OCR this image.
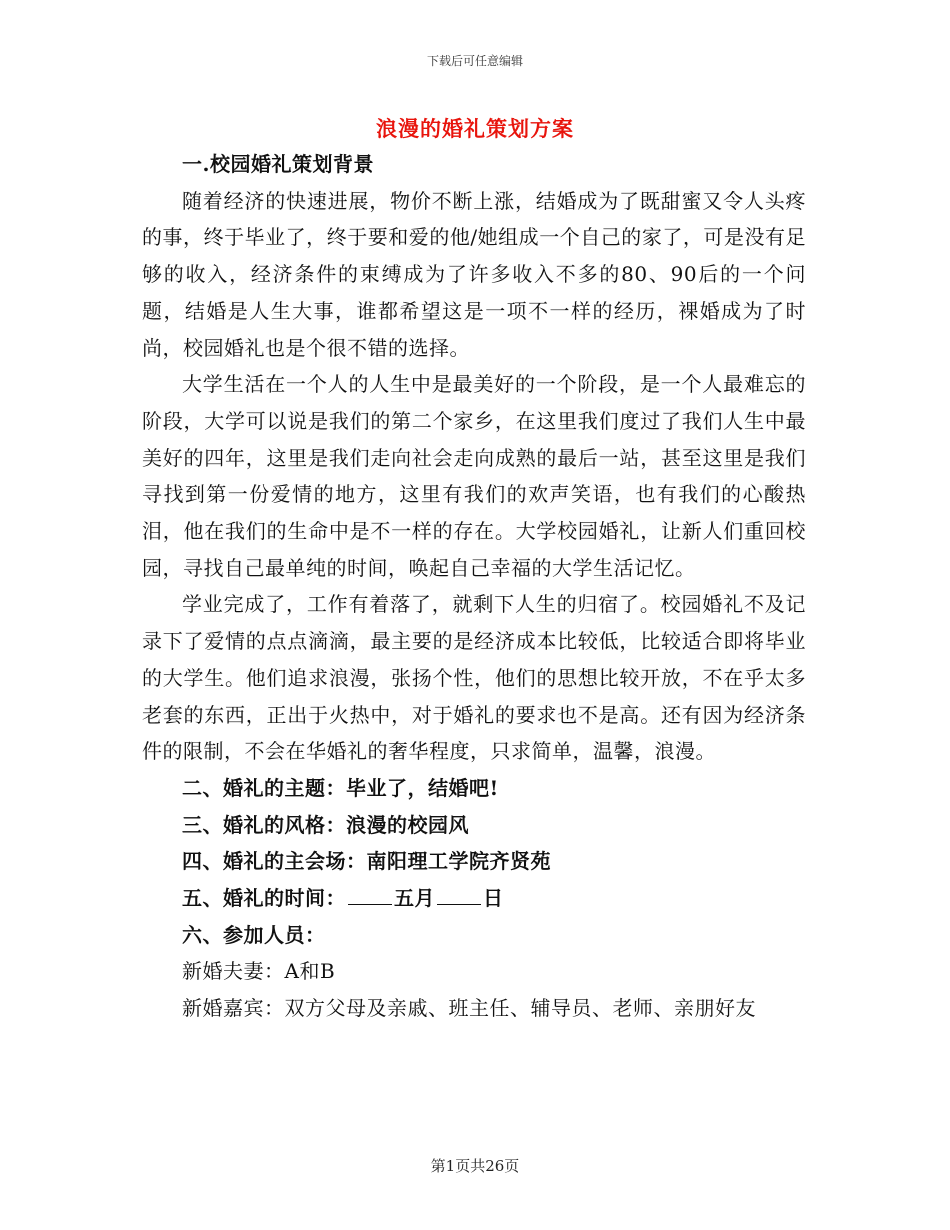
下载后可任意编辑
浪漫的婚礼策划方案

一.校园婚礼策划背景

随着经济的快速进展，物价不断上涨，结婚成为了既甜蜜又令人头疼的事，终于毕业了，终于要和爱的他/她组成一个自己的家了，可是没有足够的收入，经济条件的束缚成为了许多收入不多的80、90后的一个问题，结婚是人生大事，谁都希望这是一项不一样的经历，裸婚成为了时尚，校园婚礼也是个很不错的选择。

大学生活在一个人的人生中是最美好的一个阶段，是一个人最难忘的阶段，大学可以说是我们的第二个家乡，在这里我们度过了我们人生中最美好的四年，这里是我们走向社会走向成熟的最后一站，甚至这里是我们寻找到第一份爱情的地方，这里有我们的欢声笑语，也有我们的心酸热泪，他在我们的生命中是不一样的存在。大学校园婚礼，让新人们重回校园，寻找自己最单纯的时间，唤起自己幸福的大学生活记忆。

学业完成了，工作有着落了，就剩下人生的归宿了。校园婚礼不及记录下了爱情的点点滴滴，最主要的是经济成本比较低，比较适合即将毕业的大学生。他们追求浪漫，张扬个性，他们的思想比较开放，不在乎太多老套的东西，正出于火热中，对于婚礼的要求也不是高。还有因为经济条件的限制，不会在华婚礼的奢华程度，只求简单，温馨，浪漫。

二、婚礼的主题：毕业了，结婚吧!

三、婚礼的风格：浪漫的校园风

四、婚礼的主会场：南阳理工学院齐贤苑

五、婚礼的时间： 五月 日

六、参加人员：

新婚夫妻：A和B

新婚嘉宾：双方父母及亲戚、班主任、辅导员、老师、亲朋好友

第1页共26页
